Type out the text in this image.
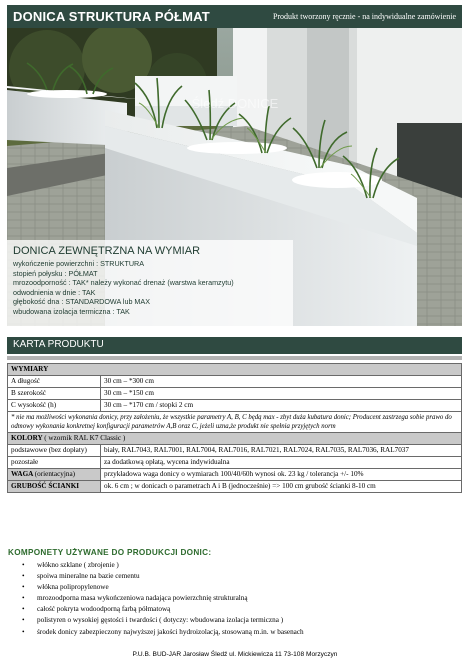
DONICA STRUKTURA PÓŁMAT	Produkt tworzony ręcznie - na indywidualne zamówienie
Śledź DONICE
DONICA ZEWNĘTRZNA NA WYMIAR
wykończenie powierzchni : STRUKTURA
stopień połysku : PÓŁMAT
mrozoodporność : TAK* należy wykonać drenaż (warstwa keramzytu)
odwodnienia w dnie : TAK
głębokość dna : STANDARDOWA lub MAX
wbudowana izolacja termiczna : TAK
KARTA PRODUKTU
WYMIARY	
A długość	30 cm – *300 cm
B szerokość	30 cm – *150 cm
C wysokość (h)	30 cm – *170 cm / stopki 2 cm
* nie ma możliwości wykonania donicy, przy założeniu, że wszystkie parametry A, B, C będą max - zbyt duża kubatura donic; Producent zastrzega sobie prawo do odmowy wykonania konkretnej konfiguracji parametrów A,B oraz C, jeżeli uzna,że produkt nie spełnia przyjętych norm	
KOLORY ( wzornik RAL K7 Classic )	
podstawowe (bez dopłaty)	biały, RAL7043, RAL7001, RAL7004, RAL7016, RAL7021, RAL7024, RAL7035, RAL7036, RAL7037
pozostałe	za dodatkową opłatą, wycena indywidualna
WAGA (orientacyjna)	przykładowa waga donicy o wymiarach 100/40/60h wynosi ok. 23 kg / tolerancja +/- 10%
GRUBOŚĆ ŚCIANKI	ok. 6 cm ; w donicach o parametrach A i B (jednocześnie) => 100 cm grubość ścianki 8-10 cm
KOMPONETY UŻYWANE DO PRODUKCJI DONIC:
• włókno szklane ( zbrojenie )
• spoiwa mineralne na bazie cementu
• włókna polipropylenowe
• mrozoodporna masa wykończeniowa nadająca powierzchnię strukturalną
• całość pokryta wodoodporną farbą półmatową
• polistyren o wysokiej gęstości i twardości ( dotyczy: wbudowana izolacja termiczna )
• środek donicy zabezpieczony najwyższej jakości hydroizolacją, stosowaną m.in. w basenach
P.U.B. BUD-JAR Jarosław Śledź ul. Mickiewicza 11 73-108 Morzyczyn
